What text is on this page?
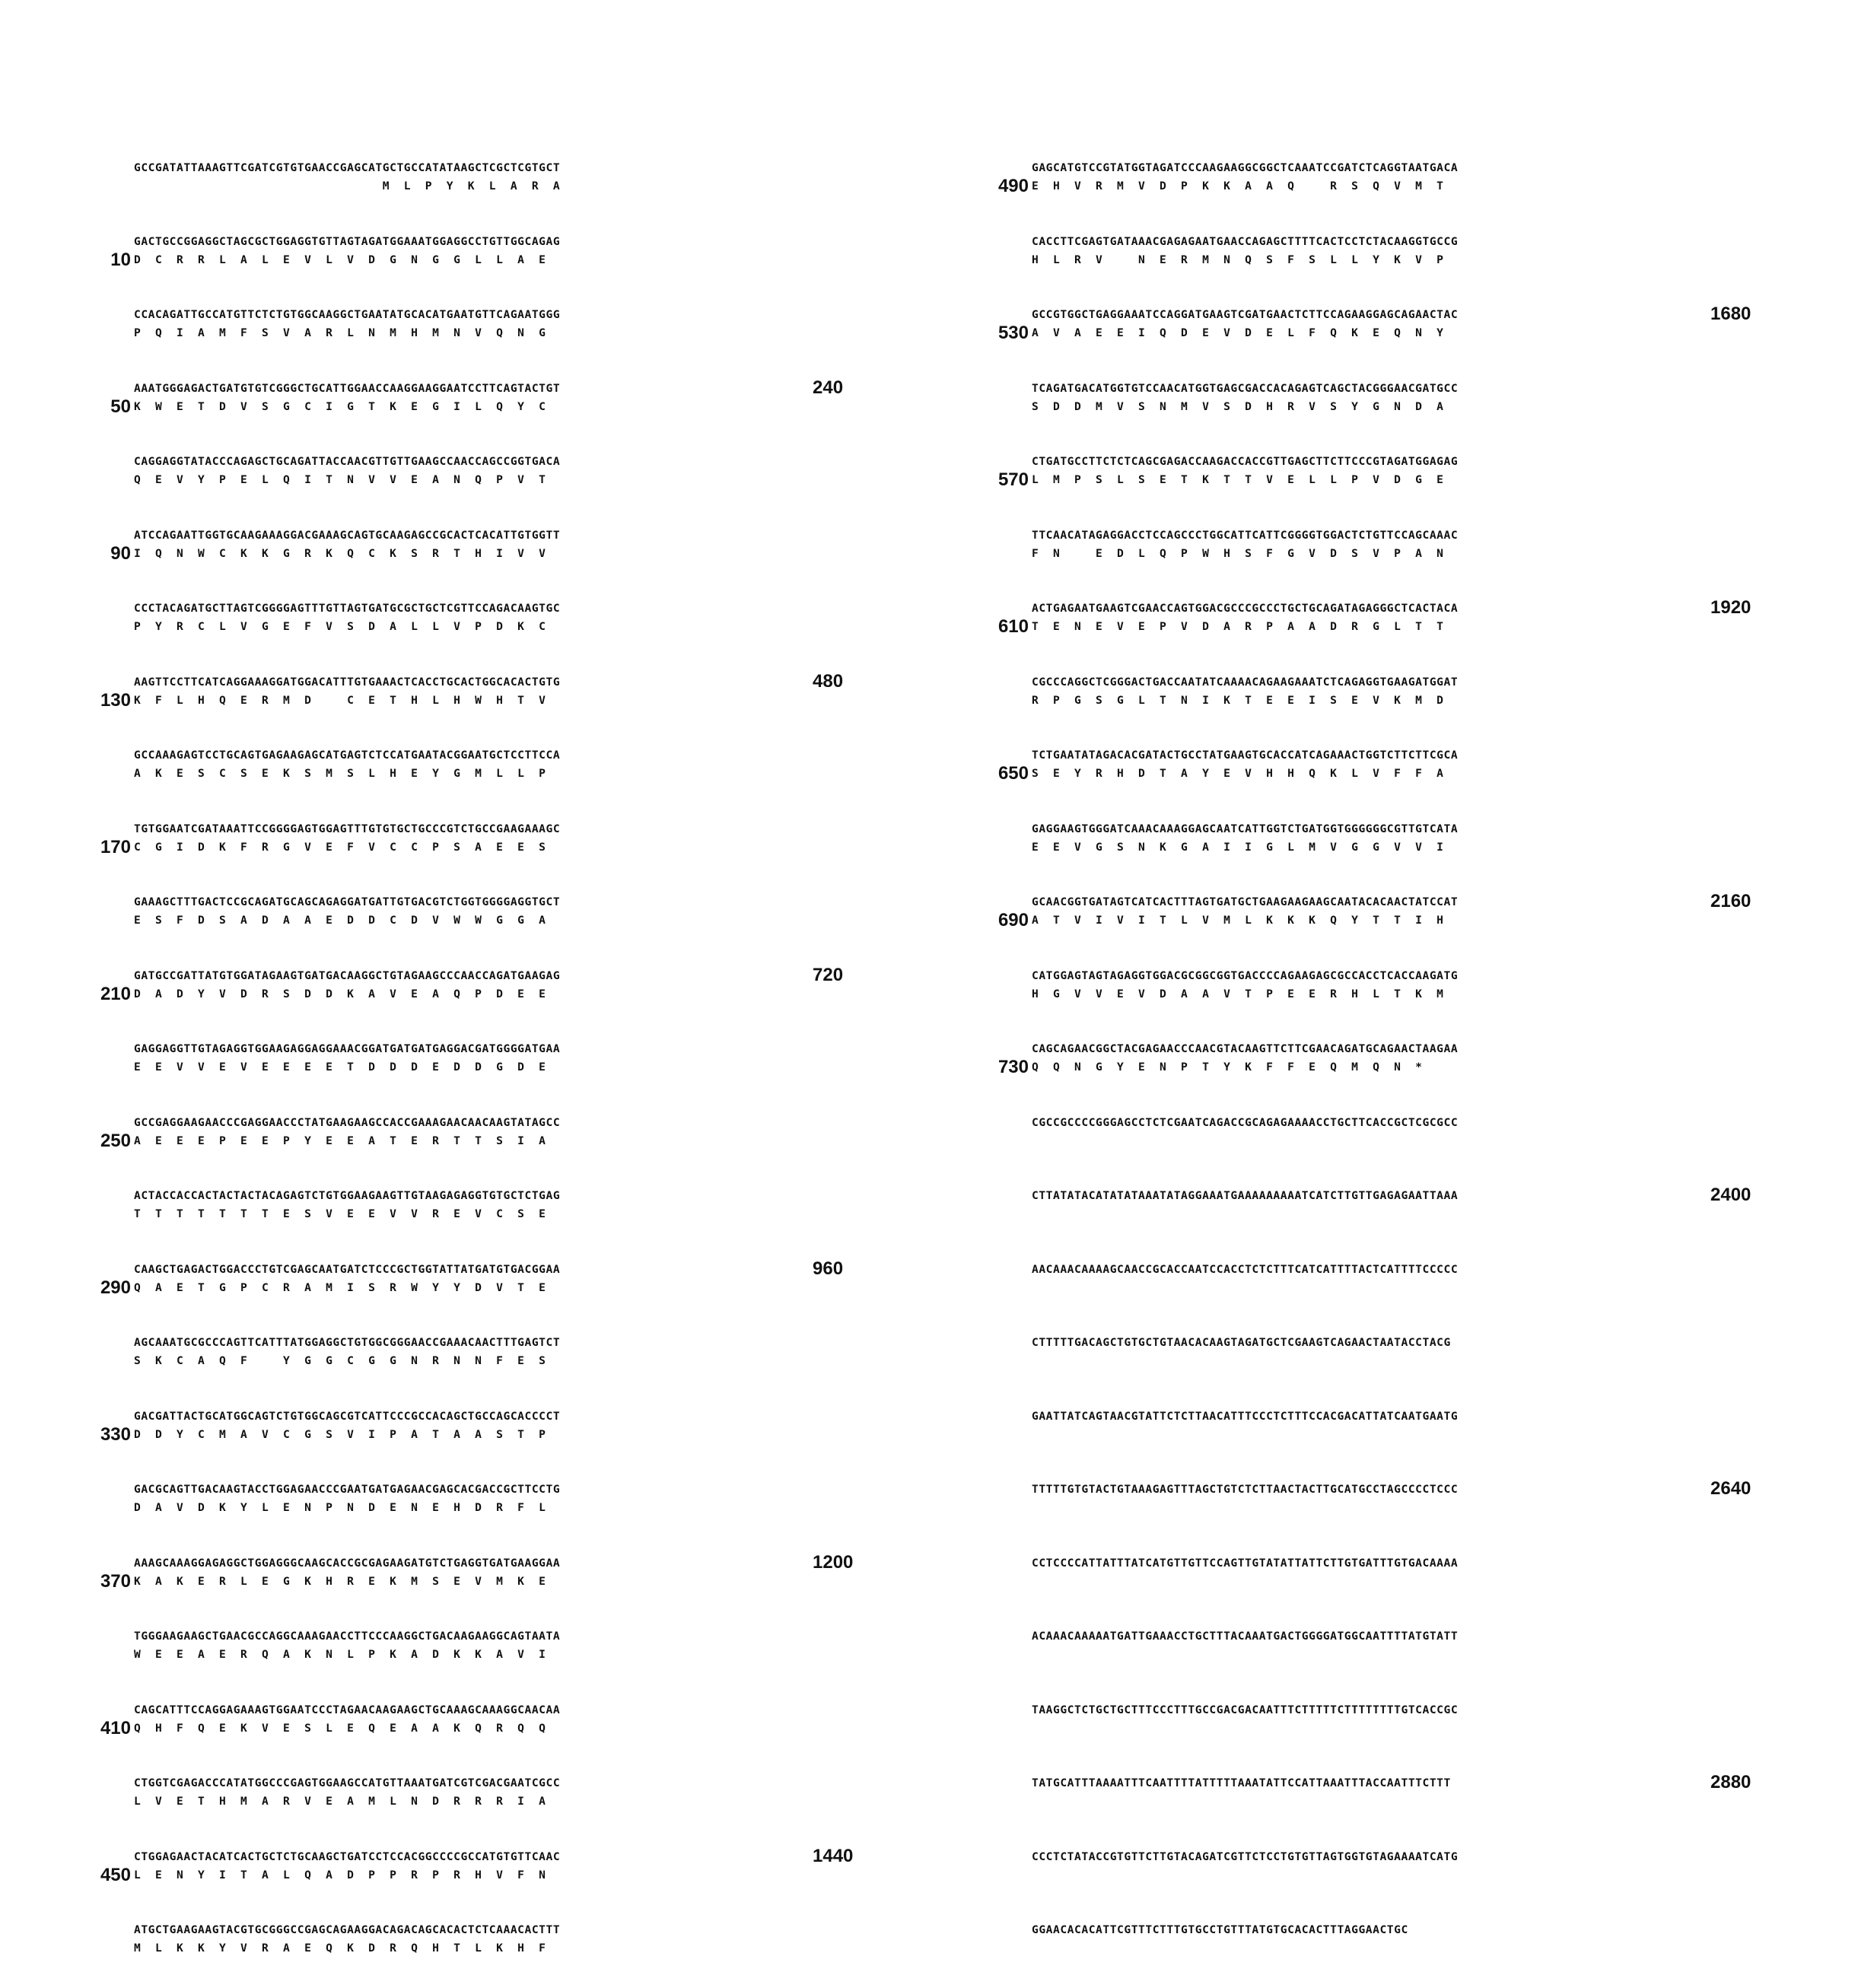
GCCGATATTAAAGTTCGATCGTGTGAACCGAGCATGCTGCCATATAAGCTCGCTCGTGCT
M  L  P  Y  K  L  A  R  A
GACTGCCGGAGGCTAGCGCTGGAGGTGTTAGTAGATGGAAATGGAGGCCTGTTGGCAGAG
D  C  R  R  L  A  L  E  V  L  V  D  G  N  G  G  L  L  A  E
10
CCACAGATTGCCATGTTCTCTGTGGCAAGGCTGAATATGCACATGAATGTTCAGAATGGG
P  Q  I  A  M  F  S  V  A  R  L  N  M  H  M  N  V  Q  N  G
AAATGGGAGACTGATGTGTCGGGCTGCATTGGAACCAAGGAAGGAATCCTTCAGTACTGT
K  W  E  T  D  V  S  G  C  I  G  T  K  E  G  I  L  Q  Y  C
50
240
CAGGAGGTATACCCAGAGCTGCAGATTACCAACGTTGTTGAAGCCAACCAGCCGGTGACA
Q  E  V  Y  P  E  L  Q  I  T  N  V  V  E  A  N  Q  P  V  T
ATCCAGAATTGGTGCAAGAAAGGACGAAAGCAGTGCAAGAGCCGCACTCACATTGTGGTT
I  Q  N  W  C  K  K  G  R  K  Q  C  K  S  R  T  H  I  V  V
90
CCCTACAGATGCTTAGTCGGGGAGTTTGTTAGTGATGCGCTGCTCGTTCCAGACAAGTGC
P  Y  R  C  L  V  G  E  F  V  S  D  A  L  L  V  P  D  K  C
AAGTTCCTTCATCAGGAAAGGATGGACATTTGTGAAACTCACCTGCACTGGCACACTGTG
K  F  L  H  Q  E  R  M  D     C  E  T  H  L  H  W  H  T  V
130
480
GCCAAAGAGTCCTGCAGTGAGAAGAGCATGAGTCTCCATGAATACGGAATGCTCCTTCCA
A  K  E  S  C  S  E  K  S  M  S  L  H  E  Y  G  M  L  L  P
TGTGGAATCGATAAATTCCGGGGAGTGGAGTTTGTGTGCTGCCCGTCTGCCGAAGAAAGC
C  G  I  D  K  F  R  G  V  E  F  V  C  C  P  S  A  E  E  S
170
GAAAGCTTTGACTCCGCAGATGCAGCAGAGGATGATTGTGACGTCTGGTGGGGAGGTGCT
E  S  F  D  S  A  D  A  A  E  D  D  C  D  V  W  W  G  G  A
GATGCCGATTATGTGGATAGAAGTGATGACAAGGCTGTAGAAGCCCAACCAGATGAAGAG
D  A  D  Y  V  D  R  S  D  D  K  A  V  E  A  Q  P  D  E  E
210
720
GAGGAGGTTGTAGAGGTGGAAGAGGAGGAAACGGATGATGATGAGGACGATGGGGATGAA
E  E  V  V  E  V  E  E  E  E  T  D  D  D  E  D  D  G  D  E
GCCGAGGAAGAACCCGAGGAACCCTATGAAGAAGCCACCGAAAGAACAACAAGTATAGCC
A  E  E  E  P  E  E  P  Y  E  E  A  T  E  R  T  T  S  I  A
250
ACTACCACCACTACTACTACAGAGTCTGTGGAAGAAGTTGTAAGAGAGGTGTGCTCTGAG
T  T  T  T  T  T  T  E  S  V  E  E  V  V  R  E  V  C  S  E
CAAGCTGAGACTGGACCCTGTCGAGCAATGATCTCCCGCTGGTATTATGATGTGACGGAA
Q  A  E  T  G  P  C  R  A  M  I  S  R  W  Y  Y  D  V  T  E
290
960
AGCAAATGCGCCCAGTTCATTTATGGAGGCTGTGGCGGGAACCGAAACAACTTTGAGTCT
S  K  C  A  Q  F     Y  G  G  C  G  G  N  R  N  N  F  E  S
GACGATTACTGCATGGCAGTCTGTGGCAGCGTCATTCCCGCCACAGCTGCCAGCACCCCT
D  D  Y  C  M  A  V  C  G  S  V  I  P  A  T  A  A  S  T  P
330
GACGCAGTTGACAAGTACCTGGAGAACCCGAATGATGAGAACGAGCACGACCGCTTCCTG
D  A  V  D  K  Y  L  E  N  P  N  D  E  N  E  H  D  R  F  L
AAAGCAAAGGAGAGGCTGGAGGGCAAGCACCGCGAGAAGATGTCTGAGGTGATGAAGGAA
K  A  K  E  R  L  E  G  K  H  R  E  K  M  S  E  V  M  K  E
370
1200
TGGGAAGAAGCTGAACGCCAGGCAAAGAACCTTCCCAAGGCTGACAAGAAGGCAGTAATA
W  E  E  A  E  R  Q  A  K  N  L  P  K  A  D  K  K  A  V  I
CAGCATTTCCAGGAGAAAGTGGAATCCCTAGAACAAGAAGCTGCAAAGCAAAGGCAACAA
Q  H  F  Q  E  K  V  E  S  L  E  Q  E  A  A  K  Q  R  Q  Q
410
CTGGTCGAGACCCATATGGCCCGAGTGGAAGCCATGTTAAATGATCGTCGACGAATCGCC
L  V  E  T  H  M  A  R  V  E  A  M  L  N  D  R  R  R  I  A
CTGGAGAACTACATCACTGCTCTGCAAGCTGATCCTCCACGGCCCCGCCATGTGTTCAAC
L  E  N  Y  I  T  A  L  Q  A  D  P  P  R  P  R  H  V  F  N
450
1440
ATGCTGAAGAAGTACGTGCGGGCCGAGCAGAAGGACAGACAGCACACTCTCAAACACTTT
M  L  K  K  Y  V  R  A  E  Q  K  D  R  Q  H  T  L  K  H  F
GAGCATGTCCGTATGGTAGATCCCAAGAAGGCGGCTCAAATCCGATCTCAGGTAATGACA
E  H  V  R  M  V  D  P  K  K  A  A  Q     R  S  Q  V  M  T
490
CACCTTCGAGTGATAAACGAGAGAATGAACCAGAGCTTTTCACTCCTCTACAAGGTGCCG
H  L  R  V     N  E  R  M  N  Q  S  F  S  L  L  Y  K  V  P
GCCGTGGCTGAGGAAATCCAGGATGAAGTCGATGAACTCTTCCAGAAGGAGCAGAACTAC
A  V  A  E  E  I  Q  D  E  V  D  E  L  F  Q  K  E  Q  N  Y
530
1680
TCAGATGACATGGTGTCCAACATGGTGAGCGACCACAGAGTCAGCTACGGGAACGATGCC
S  D  D  M  V  S  N  M  V  S  D  H  R  V  S  Y  G  N  D  A
CTGATGCCTTCTCTCAGCGAGACCAAGACCACCGTTGAGCTTCTTCCCGTAGATGGAGAG
L  M  P  S  L  S  E  T  K  T  T  V  E  L  L  P  V  D  G  E
570
TTCAACATAGAGGACCTCCAGCCCTGGCATTCATTCGGGGTGGACTCTGTTCCAGCAAAC
F  N     E  D  L  Q  P  W  H  S  F  G  V  D  S  V  P  A  N
ACTGAGAATGAAGTCGAACCAGTGGACGCCCGCCCTGCTGCAGATAGAGGGCTCACTACA
T  E  N  E  V  E  P  V  D  A  R  P  A  A  D  R  G  L  T  T
610
1920
CGCCCAGGCTCGGGACTGACCAATATCAAAACAGAAGAAATCTCAGAGGTGAAGATGGAT
R  P  G  S  G  L  T  N  I  K  T  E  E  I  S  E  V  K  M  D
TCTGAATATAGACACGATACTGCCTATGAAGTGCACCATCAGAAACTGGTCTTCTTCGCA
S  E  Y  R  H  D  T  A  Y  E  V  H  H  Q  K  L  V  F  F  A
650
GAGGAAGTGGGATCAAACAAAGGAGCAATCATTGGTCTGATGGTGGGGGGCGTTGTCATA
E  E  V  G  S  N  K  G  A  I  I  G  L  M  V  G  G  V  V  I
GCAACGGTGATAGTCATCACTTTAGTGATGCTGAAGAAGAAGCAATACACAACTATCCAT
A  T  V  I  V  I  T  L  V  M  L  K  K  K  Q  Y  T  T  I  H
690
2160
CATGGAGTAGTAGAGGTGGACGCGGCGGTGACCCCAGAAGAGCGCCACCTCACCAAGATG
H  G  V  V  E  V  D  A  A  V  T  P  E  E  R  H  L  T  K  M
CAGCAGAACGGCTACGAGAACCCAACGTACAAGTTCTTCGAACAGATGCAGAACTAAGAA
Q  Q  N  G  Y  E  N  P  T  Y  K  F  F  E  Q  M  Q  N  *
730
CGCCGCCCCGGGAGCCTCTCGAATCAGACCGCAGAGAAAACCTGCTTCACCGCTCGCGCC
CTTATATACATATATAAATATAGGAAATGAAAAAAAAATCATCTTGTTGAGAGAATTAAA	2400
AACAAACAAAAGCAACCGCACCAATCCACCTCTCTTTCATCATTTTACTCATTTTCCCCC
CTTTTTGACAGCTGTGCTGTAACACAAGTAGATGCTCGAAGTCAGAACTAATACCTACG
GAATTATCAGTAACGTATTCTCTTAACATTTCCCTCTTTCCACGACATTATCAATGAATG
TTTTTGTGTACTGTAAAGAGTTTAGCTGTCTCTTAACTACTTGCATGCCTAGCCCCTCCC	2640
CCTCCCCATTATTTATCATGTTGTTCCAGTTGTATATTATTCTTGTGATTTGTGACAAAA
ACAAACAAAAATGATTGAAACCTGCTTTACAAATGACTGGGGATGGCAATTTTATGTATT
TAAGGCTCTGCTGCTTTCCCTTTGCCGACGACAATTTCTTTTTCTTTTTTTTGTCACCGC
TATGCATTTAAAATTTCAATTTTATTTTTAAATATTCCATTAAATTTACCAATTTCTTT	2880
CCCTCTATACCGTGTTCTTGTACAGATCGTTCTCCTGTGTTAGTGGTGTAGAAAATCATG
GGAACACACATTCGTTTCTTTGTGCCTGTTTATGTGCACACTTTAGGAACTGC
